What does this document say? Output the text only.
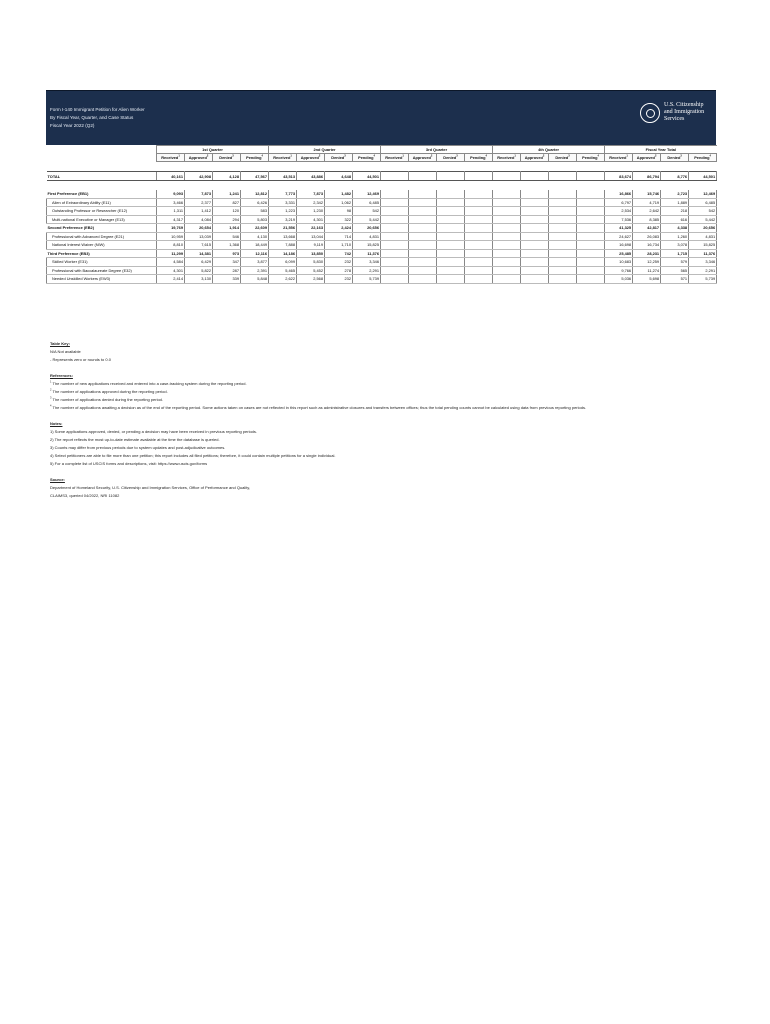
Form I-140 Immigrant Petition for Alien Worker
By Fiscal Year, Quarter, and Case Status
Fiscal Year 2022 (Q2)
U.S. Citizenship
and Immigration
Services
	1st Quarter				2nd Quarter				3rd Quarter				4th Quarter				Fiscal Year Total			
	Received$^1$	Approved$^2$	Denied$^3$	Pending$^4$	Received$^1$	Approved$^2$	Denied$^3$	Pending$^4$	Received$^1$	Approved$^2$	Denied$^3$	Pending$^4$	Received$^1$	Approved$^2$	Denied$^3$	Pending$^4$	Received$^1$	Approved$^2$	Denied$^3$	Pending$^4$

TOTAL	40,161	42,908	4,128	47,567	43,513	43,886	4,648	44,501									83,674	86,794	8,776	44,501

First Preference (EB1)	9,093	7,873	1,241	12,812	7,773	7,873	1,482	12,469									16,866	15,746	2,723	12,469
Alien of Extraordinary Ability (E11)	3,466	2,377	827	6,426	3,331	2,342	1,062	6,485									6,797	4,719	1,889	6,485
Outstanding Professor or Researcher (E12)	1,311	1,412	120	583	1,223	1,230	98	542									2,534	2,642	218	542
Multi-national Executive or Manager (E13)	4,317	4,084	294	5,803	3,219	4,301	322	5,442									7,536	8,385	616	5,442
Second Preference (EB2)	19,769	20,654	1,914	22,609	21,556	22,163	2,424	20,656									41,325	42,817	4,338	20,656
Professional with Advanced Degree (E21)	10,959	13,039	546	4,130	13,668	13,044	714	4,831									24,627	26,083	1,260	4,831
National Interest Waiver (NIW)	8,810	7,615	1,368	18,449	7,888	9,119	1,710	15,825									16,698	16,734	3,078	15,825
Third Preference (EB3)	11,299	14,381	973	12,116	14,186	13,850	742	11,376									25,485	28,231	1,715	11,376
Skilled Worker (E31)	4,584	6,429	347	3,877	6,099	5,830	232	3,346									10,683	12,259	579	3,346
Professional with Baccalaureate Degree (E32)	4,301	5,822	287	2,391	5,465	5,452	278	2,291									9,766	11,274	565	2,291
Needed Unskilled Workers (EW3)	2,414	3,130	339	5,848	2,622	2,568	232	5,739									5,036	5,698	571	5,739
Table Key:
N/A Not available
- Represents zero or rounds to 0.0
References:
$^1$ The number of new applications received and entered into a case-tracking system during the reporting period.
$^2$ The number of applications approved during the reporting period.
$^3$ The number of applications denied during the reporting period.
$^4$ The number of applications awaiting a decision as of the end of the reporting period. Some actions taken on cases are not reflected in this report such as administrative closures and transfers between offices; thus the total pending counts cannot be calculated using data from previous reporting periods.
Notes:
1) Some applications approved, denied, or pending a decision may have been received in previous reporting periods.
2) The report reflects the most up-to-date estimate available at the time the database is queried.
3) Counts may differ from previous periods due to system updates and post-adjudicative outcomes.
4) Select petitioners are able to file more than one petition; this report includes all filed petitions; therefore, it could contain multiple petitions for a single individual.
5) For a complete list of USCIS forms and descriptions, visit: https://www.uscis.gov/forms
Source:
Department of Homeland Security, U.S. Citizenship and Immigration Services, Office of Performance and Quality,
CLAIMS3, queried 04/2022, NRI 11082
